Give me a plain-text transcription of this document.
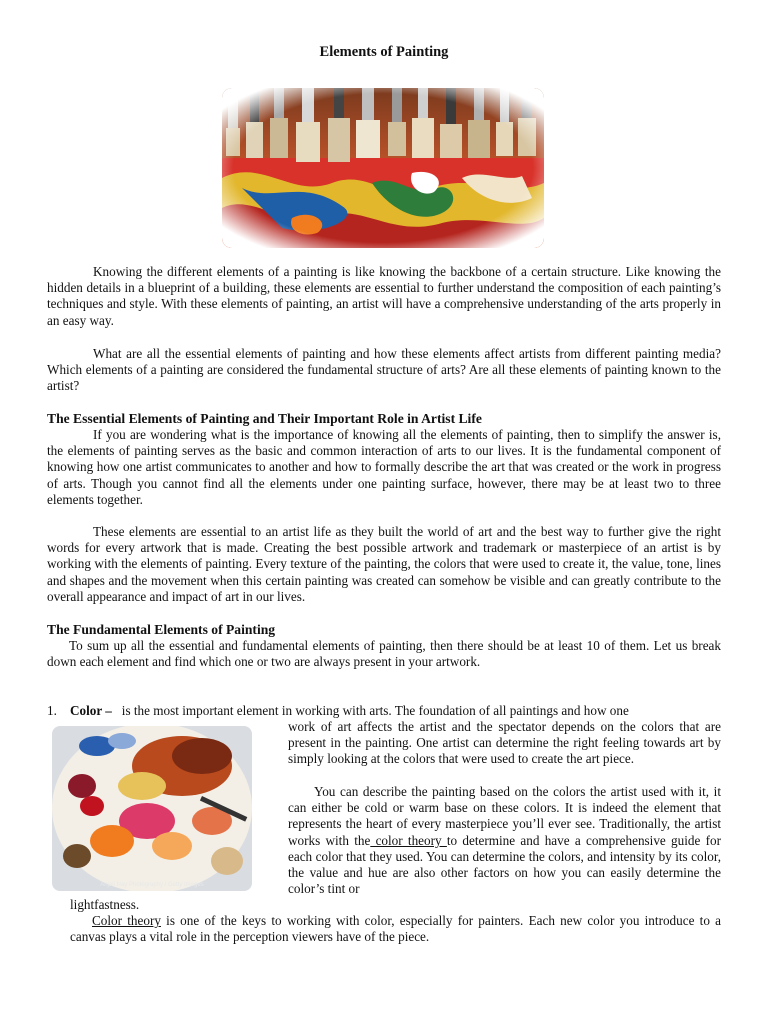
Elements of Painting
Knowing the different elements of a painting is like knowing the backbone of a certain structure. Like knowing the hidden details in a blueprint of a building, these elements are essential to further understand the composition of each painting’s techniques and style. With these elements of painting, an artist will have a comprehensive understanding of the arts properly in an easy way.
What are all the essential elements of painting and how these elements affect artists from different painting media? Which elements of a painting are considered the fundamental structure of arts? Are all these elements of painting known to the artist?
The Essential Elements of Painting and Their Important Role in Artist Life
If you are wondering what is the importance of knowing all the elements of painting, then to simplify the answer is, the elements of painting serves as the basic and common interaction of arts to our lives. It is the fundamental component of knowing how one artist communicates to another and how to formally describe the art that was created or the work in progress of arts. Though you cannot find all the elements under one painting surface, however, there may be at least two to three elements together.
These elements are essential to an artist life as they built the world of art and the best way to further give the right words for every artwork that is made. Creating the best possible artwork and trademark or masterpiece of an artist is by working with the elements of painting. Every texture of the painting, the colors that were used to create it, the value, tone, lines and shapes and the movement when this certain painting was created can somehow be visible and can greatly contribute to the overall appearance and impact of art in our lives.
The Fundamental Elements of Painting
To sum up all the essential and fundamental elements of painting, then there should be at least 10 of them. Let us break down each element and find which one or two are always present in your artwork.
1. Color – is the most important element in working with arts. The foundation of all paintings and how one
Anjali Nay Photography / Getty Images
work of art affects the artist and the spectator depends on the colors that are present in the painting. One artist can determine the right feeling towards art by simply looking at the colors that were used to create the art piece.
You can describe the painting based on the colors the artist used with it, it can either be cold or warm base on these colors. It is indeed the element that represents the heart of every masterpiece you’ll ever see. Traditionally, the artist works with the color theory to determine and have a comprehensive guide for each color that they used. You can determine the colors, and intensity by its color, the value and hue are also other factors on how you can easily determine the color’s tint or
lightfastness.
Color theory is one of the keys to working with color, especially for painters. Each new color you introduce to a canvas plays a vital role in the perception viewers have of the piece.
